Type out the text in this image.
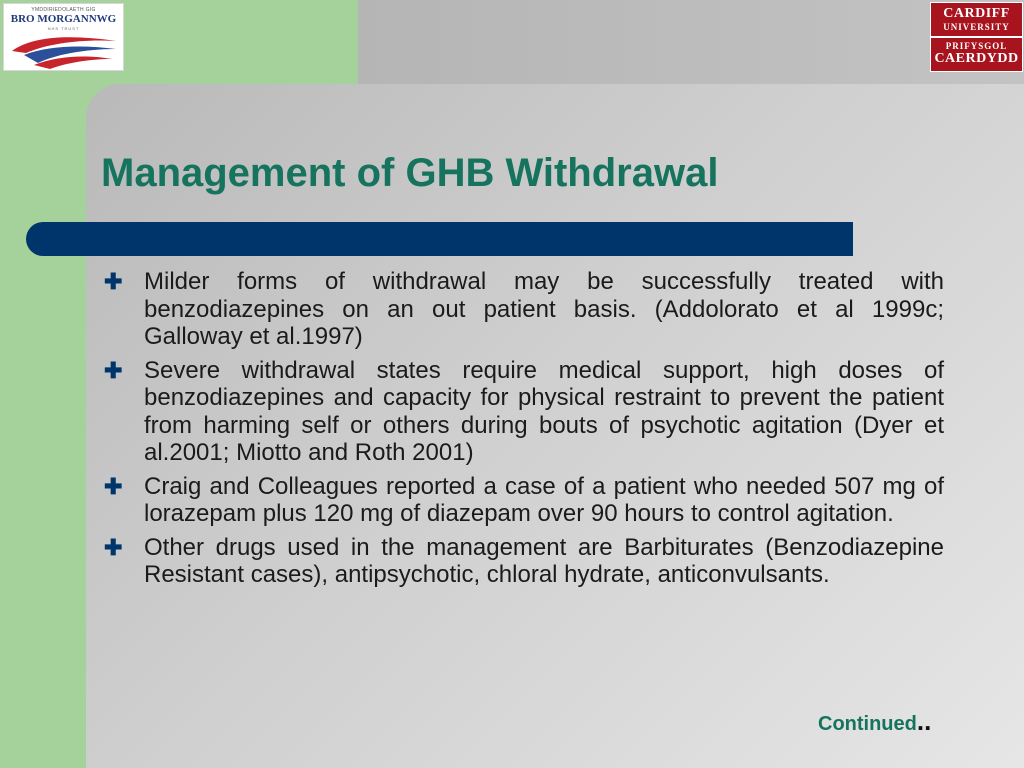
YMDDIRIEDOLAETH GIG
BRO MORGANNWG
NHS TRUST
CARDIFF
UNIVERSITY
PRIFYSGOL
CAERDYDD
Management of GHB Withdrawal
✚ Milder forms of withdrawal may be successfully treated with benzodiazepines on an out patient basis. (Addolorato et al 1999c; Galloway et al.1997)
✚ Severe withdrawal states require medical support, high doses of benzodiazepines and capacity for physical restraint to prevent the patient from harming self or others during bouts of psychotic agitation (Dyer et al.2001; Miotto and Roth 2001)
✚ Craig and Colleagues reported a case of a patient who needed 507 mg of lorazepam plus 120 mg of diazepam over 90 hours to control agitation.
✚ Other drugs used in the management are Barbiturates (Benzodiazepine Resistant cases), antipsychotic, chloral hydrate, anticonvulsants.
Continued..
